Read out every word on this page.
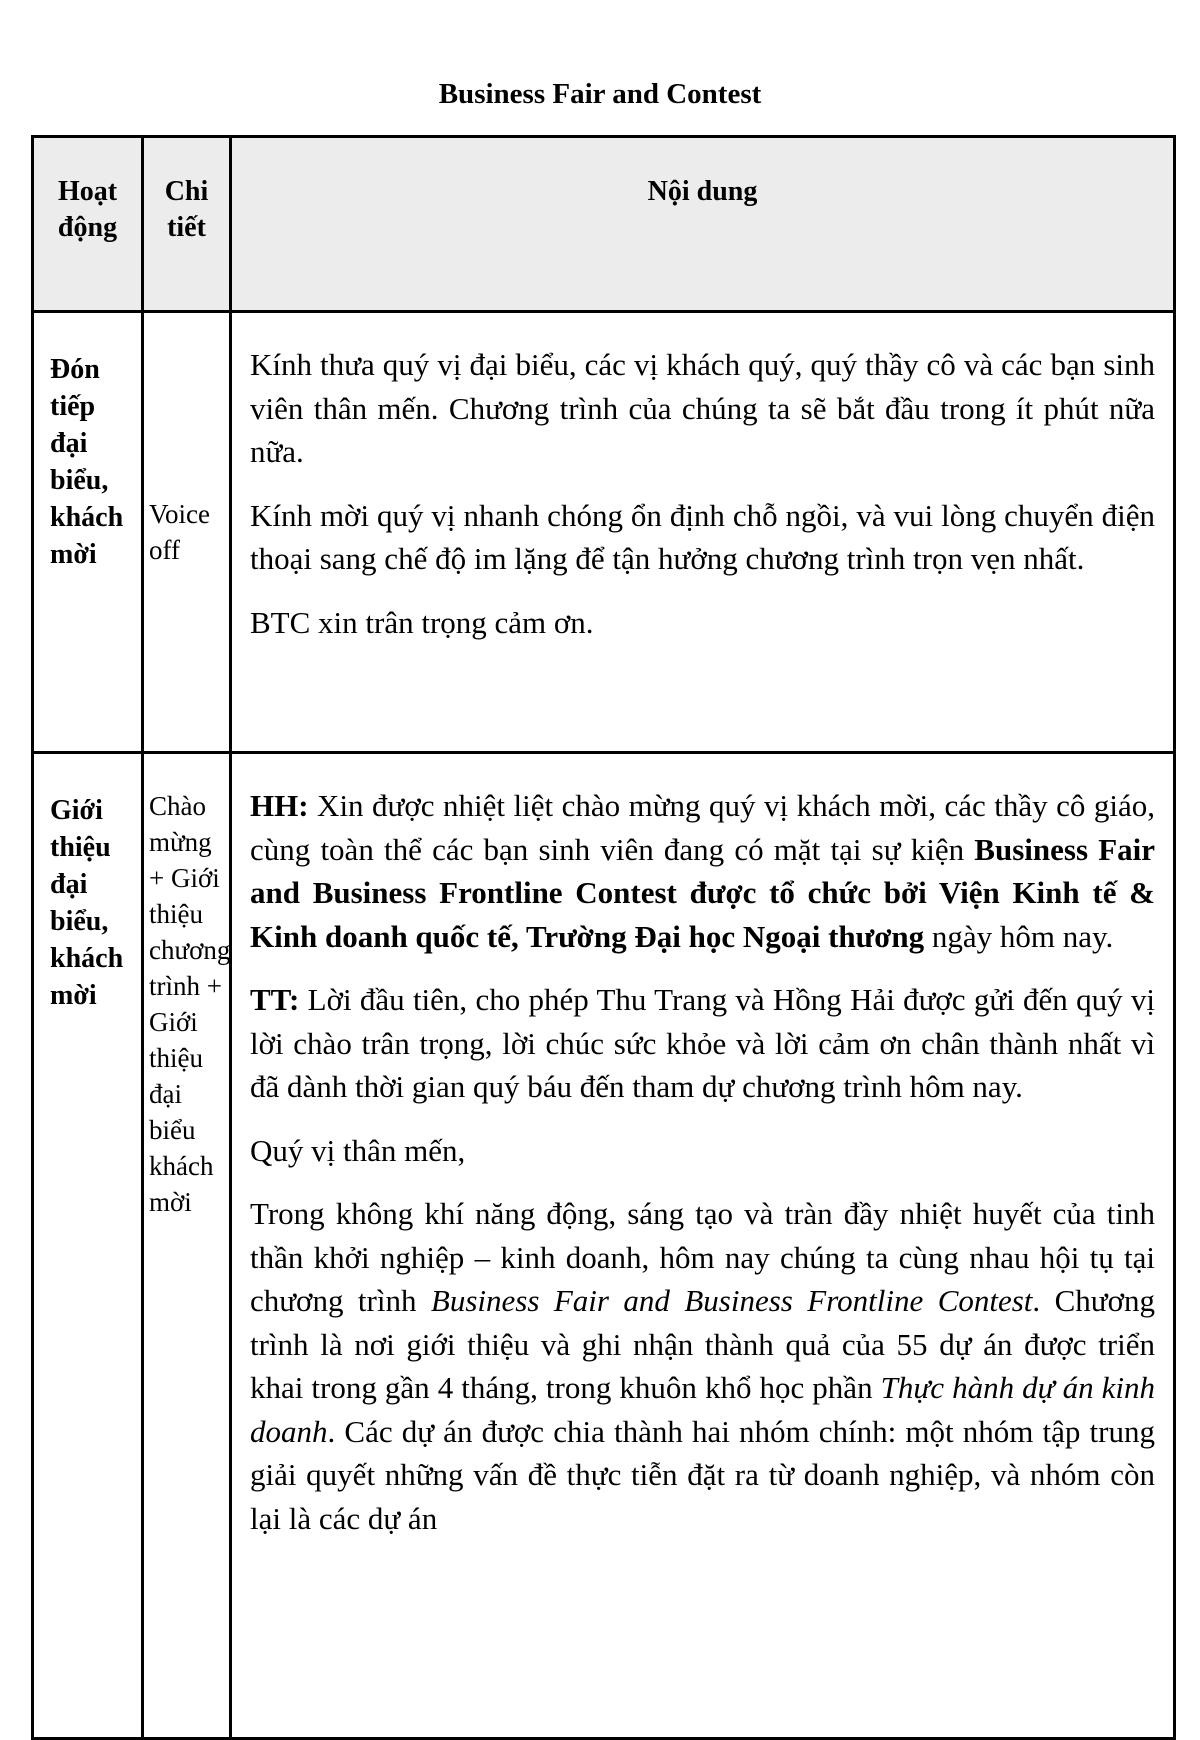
Business Fair and Contest
Hoạt động	Chi tiết	Nội dung
Đón tiếp đại biểu, khách mời	Voice off	Kính thưa quý vị đại biểu, các vị khách quý, quý thầy cô và các bạn sinh viên thân mến. Chương trình của chúng ta sẽ bắt đầu trong ít phút nữa nữa.

Kính mời quý vị nhanh chóng ổn định chỗ ngồi, và vui lòng chuyển điện thoại sang chế độ im lặng để tận hưởng chương trình trọn vẹn nhất.

BTC xin trân trọng cảm ơn.

Giới thiệu đại biểu, khách mời	Chào mừng + Giới thiệu chương trình + Giới thiệu đại biểu khách mời	HH: Xin được nhiệt liệt chào mừng quý vị khách mời, các thầy cô giáo, cùng toàn thể các bạn sinh viên đang có mặt tại sự kiện Business Fair and Business Frontline Contest được tổ chức bởi Viện Kinh tế & Kinh doanh quốc tế, Trường Đại học Ngoại thương ngày hôm nay.

TT: Lời đầu tiên, cho phép Thu Trang và Hồng Hải được gửi đến quý vị lời chào trân trọng, lời chúc sức khỏe và lời cảm ơn chân thành nhất vì đã dành thời gian quý báu đến tham dự chương trình hôm nay.

Quý vị thân mến,

Trong không khí năng động, sáng tạo và tràn đầy nhiệt huyết của tinh thần khởi nghiệp – kinh doanh, hôm nay chúng ta cùng nhau hội tụ tại chương trình Business Fair and Business Frontline Contest. Chương trình là nơi giới thiệu và ghi nhận thành quả của 55 dự án được triển khai trong gần 4 tháng, trong khuôn khổ học phần Thực hành dự án kinh doanh. Các dự án được chia thành hai nhóm chính: một nhóm tập trung giải quyết những vấn đề thực tiễn đặt ra từ doanh nghiệp, và nhóm còn lại là các dự án
